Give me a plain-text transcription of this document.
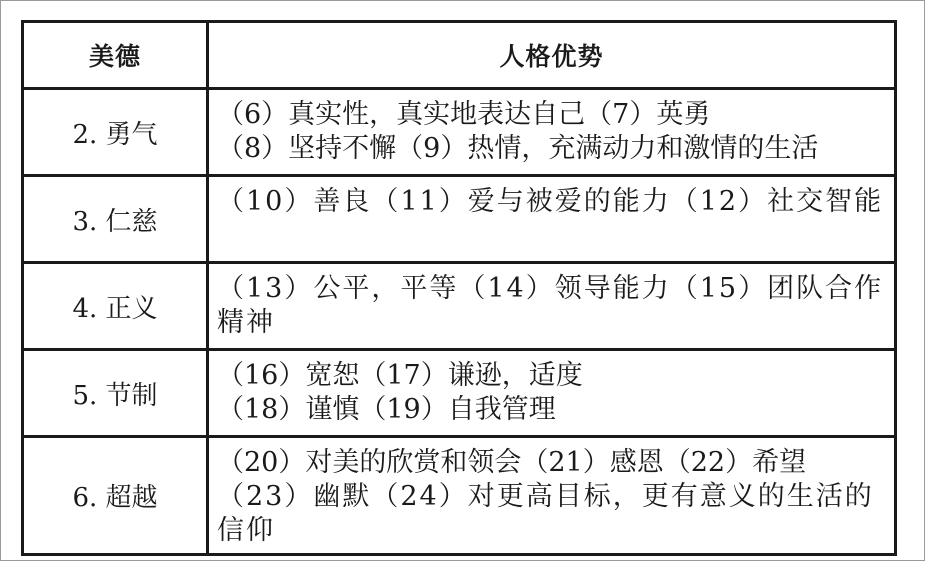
美德	人格优势
2. 勇气	（6）真实性，真实地表达自己（7）英勇
（8）坚持不懈（9）热情，充满动力和激情的生活

3. 仁慈	（10）善良（11）爱与被爱的能力（12）社交智能

4. 正义	（13）公平，平等（14）领导能力（15）团队合作精神

5. 节制	（16）宽恕（17）谦逊，适度
（18）谨慎（19）自我管理

6. 超越	（20）对美的欣赏和领会（21）感恩（22）希望
（23）幽默（24）对更高目标，更有意义的生活的信仰
